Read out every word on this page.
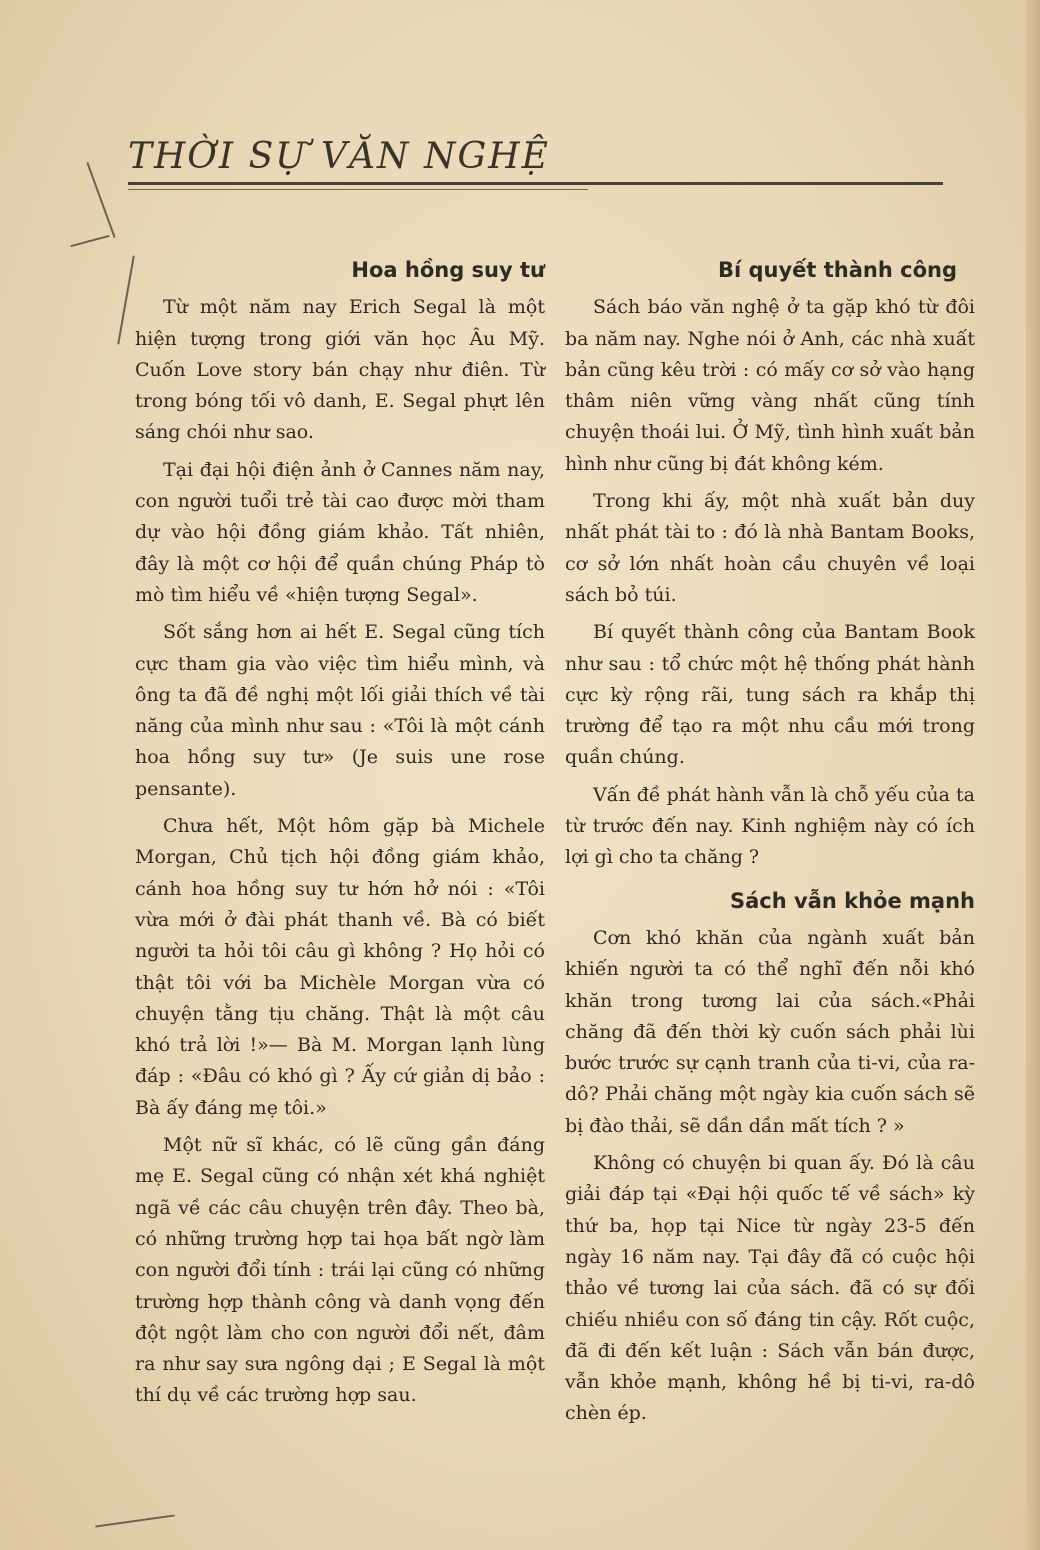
THỜI SỰ VĂN NGHỆ
Hoa hồng suy tư

Từ một năm nay Erich Segal là một hiện tượng trong giới văn học Âu Mỹ. Cuốn Love story bán chạy như điên. Từ trong bóng tối vô danh, E. Segal phựt lên sáng chói như sao.

Tại đại hội điện ảnh ở Cannes năm nay, con người tuổi trẻ tài cao được mời tham dự vào hội đồng giám khảo. Tất nhiên, đây là một cơ hội để quần chúng Pháp tò mò tìm hiểu về «hiện tượng Segal».

Sốt sắng hơn ai hết E. Segal cũng tích cực tham gia vào việc tìm hiểu mình, và ông ta đã đề nghị một lối giải thích về tài năng của mình như sau : «Tôi là một cánh hoa hồng suy tư» (Je suis une rose pensante).

Chưa hết, Một hôm gặp bà Michele Morgan, Chủ tịch hội đồng giám khảo, cánh hoa hồng suy tư hớn hở nói : «Tôi vừa mới ở đài phát thanh về. Bà có biết người ta hỏi tôi câu gì không ? Họ hỏi có thật tôi với ba Michèle Morgan vừa có chuyện tằng tịu chăng. Thật là một câu khó trả lời !»— Bà M. Morgan lạnh lùng đáp : «Đâu có khó gì ? Ấy cứ giản dị bảo : Bà ấy đáng mẹ tôi.»

Một nữ sĩ khác, có lẽ cũng gần đáng mẹ E. Segal cũng có nhận xét khá nghiệt ngã về các câu chuyện trên đây. Theo bà, có những trường hợp tai họa bất ngờ làm con người đổi tính : trái lại cũng có những trường hợp thành công và danh vọng đến đột ngột làm cho con người đổi nết, đâm ra như say sưa ngông dại ; E Segal là một thí dụ về các trường hợp sau.

Bí quyết thành công

Sách báo văn nghệ ở ta gặp khó từ đôi ba năm nay. Nghe nói ở Anh, các nhà xuất bản cũng kêu trời : có mấy cơ sở vào hạng thâm niên vững vàng nhất cũng tính chuyện thoái lui. Ở Mỹ, tình hình xuất bản hình như cũng bị đát không kém.

Trong khi ấy, một nhà xuất bản duy nhất phát tài to : đó là nhà Bantam Books, cơ sở lớn nhất hoàn cầu chuyên về loại sách bỏ túi.

Bí quyết thành công của Bantam Book như sau : tổ chức một hệ thống phát hành cực kỳ rộng rãi, tung sách ra khắp thị trường để tạo ra một nhu cầu mới trong quần chúng.

Vấn đề phát hành vẫn là chỗ yếu của ta từ trước đến nay. Kinh nghiệm này có ích lợi gì cho ta chăng ?

Sách vẫn khỏe mạnh

Cơn khó khăn của ngành xuất bản khiến người ta có thể nghĩ đến nỗi khó khăn trong tương lai của sách.«Phải chăng đã đến thời kỳ cuốn sách phải lùi bước trước sự cạnh tranh của ti-vi, của ra-dô? Phải chăng một ngày kia cuốn sách sẽ bị đào thải, sẽ dần dần mất tích ? »

Không có chuyện bi quan ấy. Đó là câu giải đáp tại «Đại hội quốc tế về sách» kỳ thứ ba, họp tại Nice từ ngày 23-5 đến ngày 16 năm nay. Tại đây đã có cuộc hội thảo về tương lai của sách. đã có sự đối chiếu nhiều con số đáng tin cậy. Rốt cuộc, đã đi đến kết luận : Sách vẫn bán được, vẫn khỏe mạnh, không hề bị ti-vi, ra-dô chèn ép.
